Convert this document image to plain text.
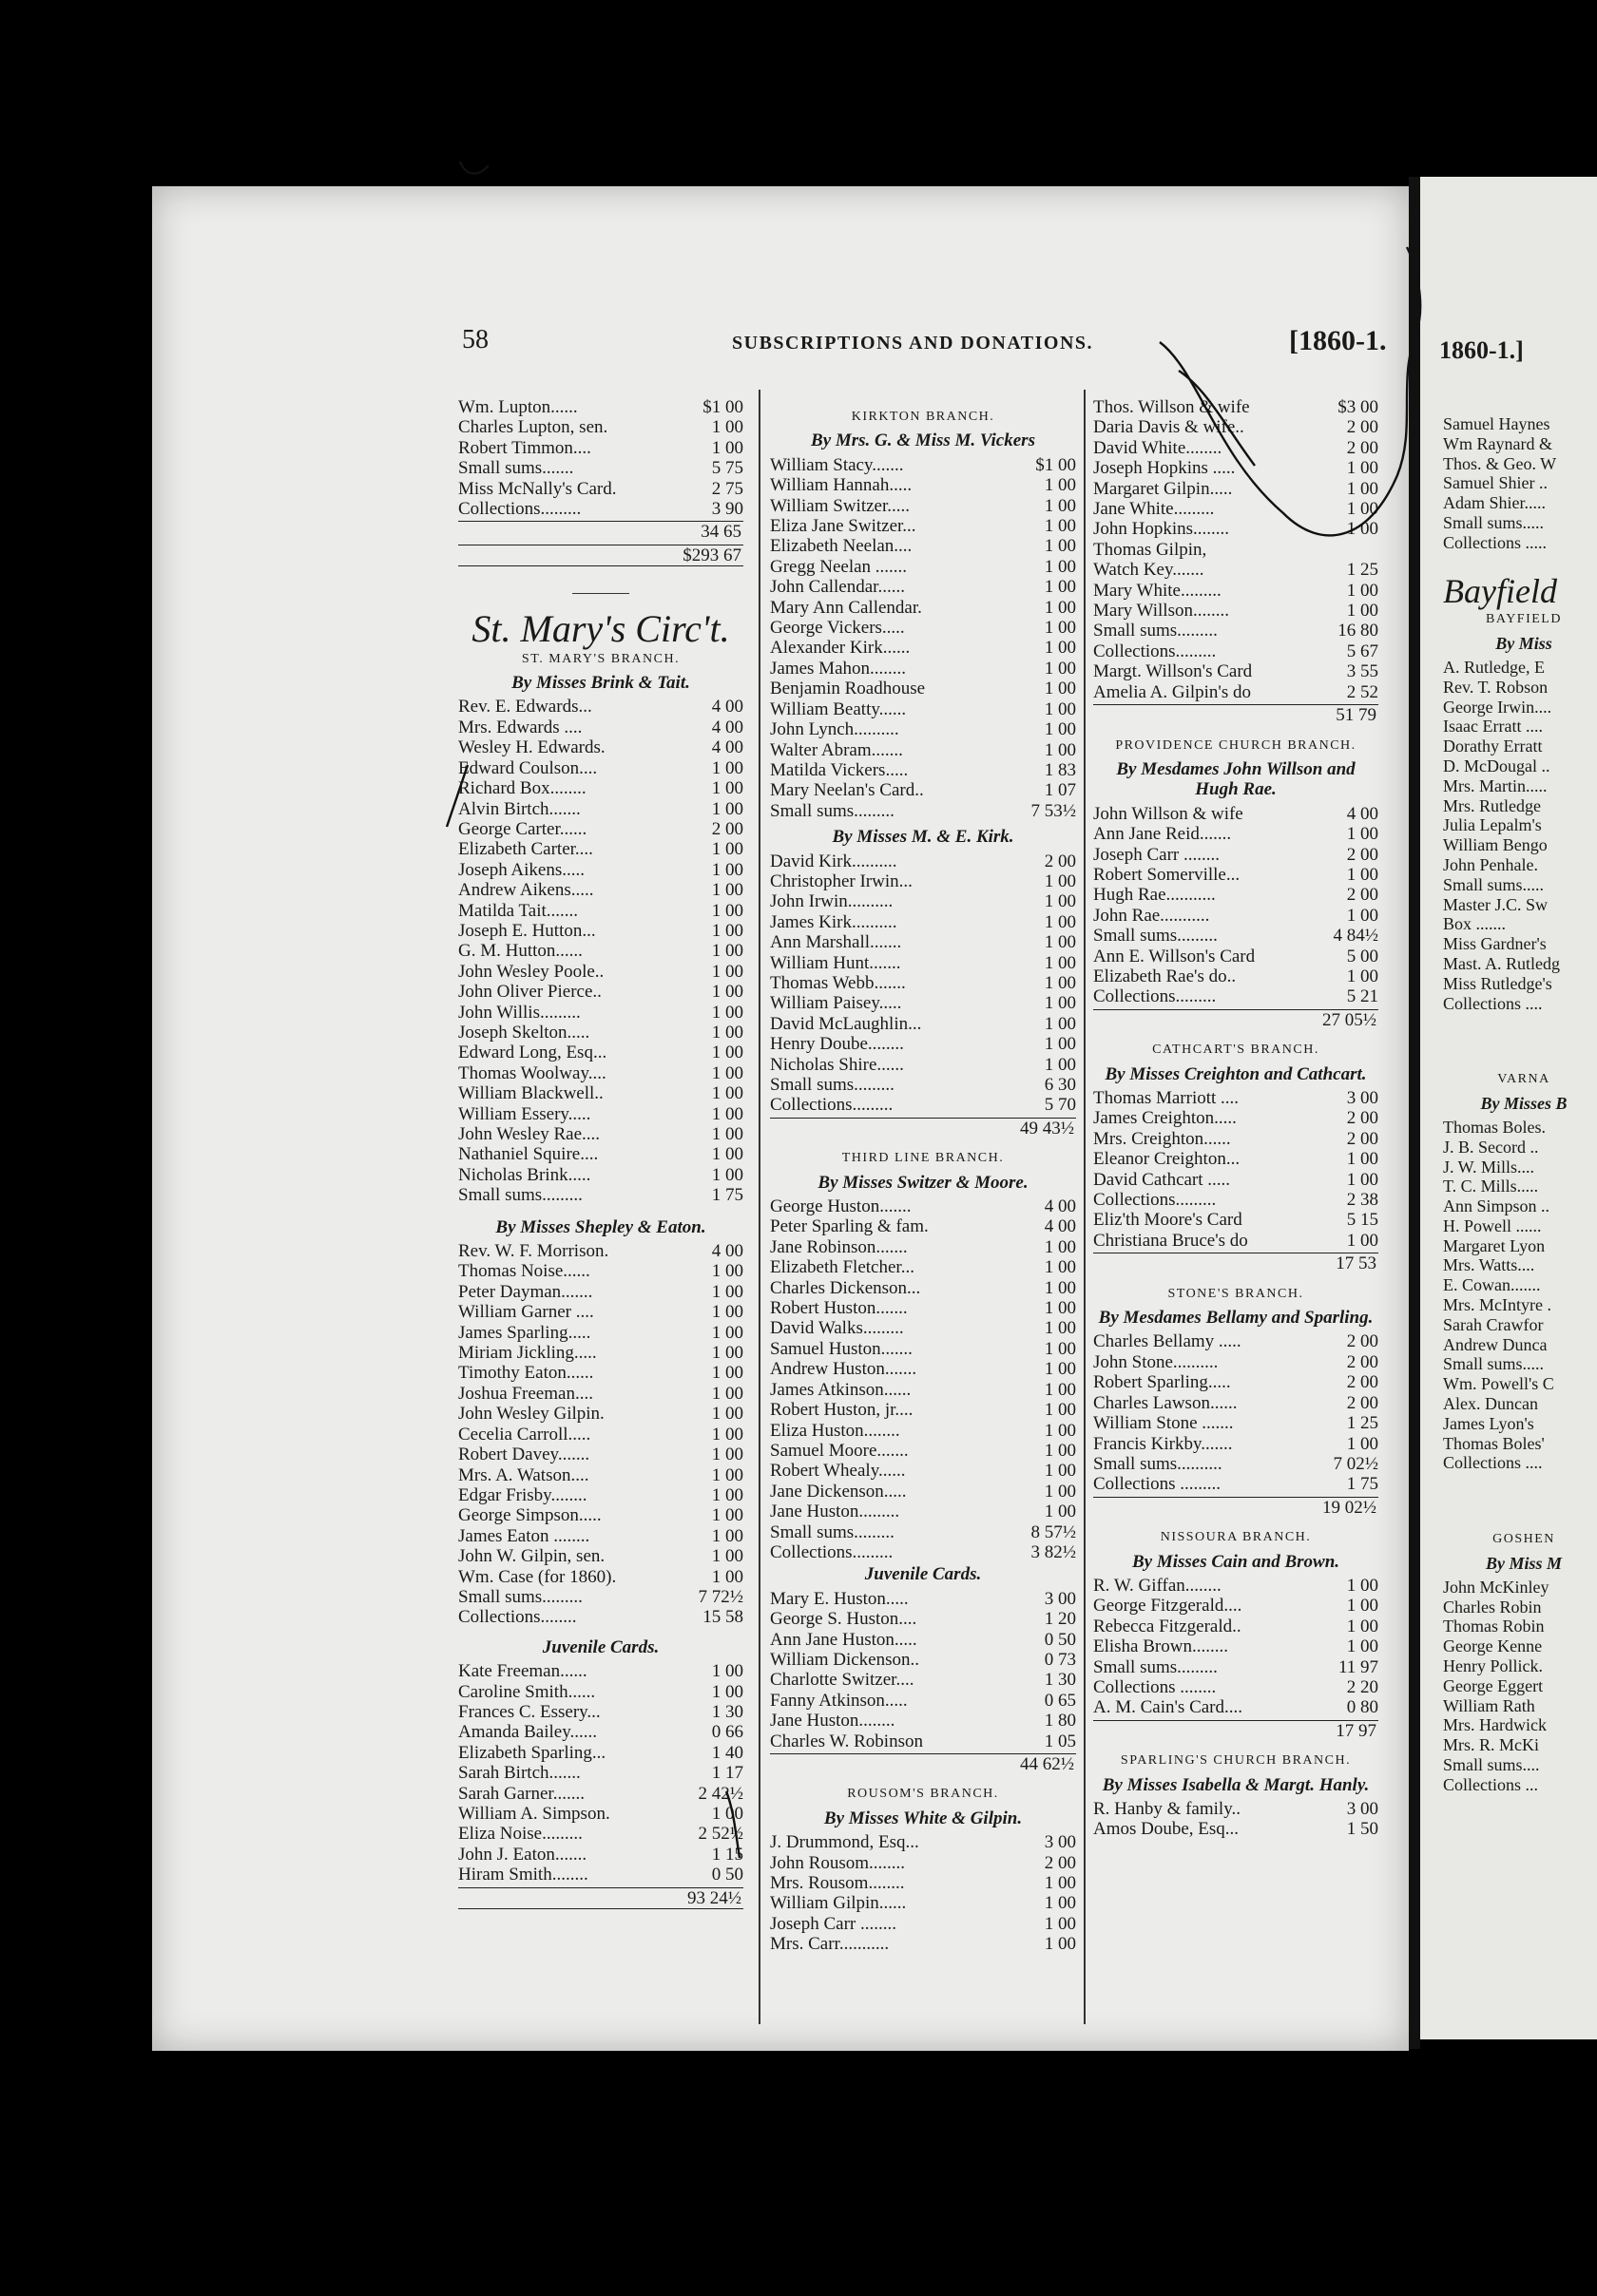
1860-1.]
Samuel Haynes
Wm Raynard &
Thos. & Geo. W
Samuel Shier ..
Adam Shier.....
Small sums.....
Collections .....
Bayfield
BAYFIELD
By Miss
A. Rutledge, E
Rev. T. Robson
George Irwin....
Isaac Erratt ....
Dorathy Erratt
D. McDougal ..
Mrs. Martin.....
Mrs. Rutledge
Julia Lepalm's
William Bengo
John Penhale.
Small sums.....
Master J.C. Sw
Box .......
Miss Gardner's
Mast. A. Rutledg
Miss Rutledge's
Collections ....
VARNA
By Misses B
Thomas Boles.
J. B. Secord ..
J. W. Mills....
T. C. Mills.....
Ann Simpson ..
H. Powell ......
Margaret Lyon
Mrs. Watts....
E. Cowan.......
Mrs. McIntyre .
Sarah Crawfor
Andrew Dunca
Small sums.....
Wm. Powell's C
Alex. Duncan
James Lyon's
Thomas Boles'
Collections ....
GOSHEN
By Miss M
John McKinley
Charles Robin
Thomas Robin
George Kenne
Henry Pollick.
George Eggert
William Rath
Mrs. Hardwick
Mrs. R. McKi
Small sums....
Collections ...
58	SUBSCRIPTIONS AND DONATIONS.	[1860-1.
Wm. Lupton......	$1 00
Charles Lupton, sen.	1 00
Robert Timmon....	1 00
Small sums.......	5 75
Miss McNally's Card.	2 75
Collections.........	3 90
34 65
$293 67
St. Mary's Circ't.
ST. MARY'S BRANCH.
By Misses Brink & Tait.
Rev. E. Edwards...	4 00
Mrs. Edwards ....	4 00
Wesley H. Edwards.	4 00
Edward Coulson....	1 00
Richard Box........	1 00
Alvin Birtch.......	1 00
George Carter......	2 00
Elizabeth Carter....	1 00
Joseph Aikens.....	1 00
Andrew Aikens.....	1 00
Matilda Tait.......	1 00
Joseph E. Hutton...	1 00
G. M. Hutton......	1 00
John Wesley Poole..	1 00
John Oliver Pierce..	1 00
John Willis.........	1 00
Joseph Skelton.....	1 00
Edward Long, Esq...	1 00
Thomas Woolway....	1 00
William Blackwell..	1 00
William Essery.....	1 00
John Wesley Rae....	1 00
Nathaniel Squire....	1 00
Nicholas Brink.....	1 00
Small sums.........	1 75
By Misses Shepley & Eaton.
Rev. W. F. Morrison.	4 00
Thomas Noise......	1 00
Peter Dayman.......	1 00
William Garner ....	1 00
James Sparling.....	1 00
Miriam Jickling.....	1 00
Timothy Eaton......	1 00
Joshua Freeman....	1 00
John Wesley Gilpin.	1 00
Cecelia Carroll.....	1 00
Robert Davey.......	1 00
Mrs. A. Watson....	1 00
Edgar Frisby........	1 00
George Simpson.....	1 00
James Eaton ........	1 00
John W. Gilpin, sen.	1 00
Wm. Case (for 1860).	1 00
Small sums.........	7 72½
Collections........	15 58
Juvenile Cards.
Kate Freeman......	1 00
Caroline Smith......	1 00
Frances C. Essery...	1 30
Amanda Bailey......	0 66
Elizabeth Sparling...	1 40
Sarah Birtch.......	1 17
Sarah Garner.......	2 42½
William A. Simpson.	1 00
Eliza Noise.........	2 52½
John J. Eaton.......	1 15
Hiram Smith........	0 50
93 24½
KIRKTON BRANCH.
By Mrs. G. & Miss M. Vickers
William Stacy.......	$1 00
William Hannah.....	1 00
William Switzer.....	1 00
Eliza Jane Switzer...	1 00
Elizabeth Neelan....	1 00
Gregg Neelan .......	1 00
John Callendar......	1 00
Mary Ann Callendar.	1 00
George Vickers.....	1 00
Alexander Kirk......	1 00
James Mahon........	1 00
Benjamin Roadhouse	1 00
William Beatty......	1 00
John Lynch..........	1 00
Walter Abram.......	1 00
Matilda Vickers.....	1 83
Mary Neelan's Card..	1 07
Small sums.........	7 53½
By Misses M. & E. Kirk.
David Kirk..........	2 00
Christopher Irwin...	1 00
John Irwin..........	1 00
James Kirk..........	1 00
Ann Marshall.......	1 00
William Hunt.......	1 00
Thomas Webb.......	1 00
William Paisey.....	1 00
David McLaughlin...	1 00
Henry Doube........	1 00
Nicholas Shire......	1 00
Small sums.........	6 30
Collections.........	5 70
49 43½
THIRD LINE BRANCH.
By Misses Switzer & Moore.
George Huston.......	4 00
Peter Sparling & fam.	4 00
Jane Robinson.......	1 00
Elizabeth Fletcher...	1 00
Charles Dickenson...	1 00
Robert Huston.......	1 00
David Walks.........	1 00
Samuel Huston.......	1 00
Andrew Huston.......	1 00
James Atkinson......	1 00
Robert Huston, jr....	1 00
Eliza Huston........	1 00
Samuel Moore.......	1 00
Robert Whealy......	1 00
Jane Dickenson.....	1 00
Jane Huston.........	1 00
Small sums.........	8 57½
Collections.........	3 82½
Juvenile Cards.
Mary E. Huston.....	3 00
George S. Huston....	1 20
Ann Jane Huston.....	0 50
William Dickenson..	0 73
Charlotte Switzer....	1 30
Fanny Atkinson.....	0 65
Jane Huston........	1 80
Charles W. Robinson	1 05
44 62½
ROUSOM'S BRANCH.
By Misses White & Gilpin.
J. Drummond, Esq...	3 00
John Rousom........	2 00
Mrs. Rousom........	1 00
William Gilpin......	1 00
Joseph Carr ........	1 00
Mrs. Carr...........	1 00
Thos. Willson & wife	$3 00
Daria Davis & wife..	2 00
David White........	2 00
Joseph Hopkins .....	1 00
Margaret Gilpin.....	1 00
Jane White.........	1 00
John Hopkins........	1 00
Thomas Gilpin,
Watch Key.......	1 25
Mary White.........	1 00
Mary Willson........	1 00
Small sums.........	16 80
Collections.........	5 67
Margt. Willson's Card	3 55
Amelia A. Gilpin's do	2 52
51 79
PROVIDENCE CHURCH BRANCH.
By Mesdames John Willson and Hugh Rae.
John Willson & wife	4 00
Ann Jane Reid.......	1 00
Joseph Carr ........	2 00
Robert Somerville...	1 00
Hugh Rae...........	2 00
John Rae...........	1 00
Small sums.........	4 84½
Ann E. Willson's Card	5 00
Elizabeth Rae's do..	1 00
Collections.........	5 21
27 05½
CATHCART'S BRANCH.
By Misses Creighton and Cathcart.
Thomas Marriott ....	3 00
James Creighton.....	2 00
Mrs. Creighton......	2 00
Eleanor Creighton...	1 00
David Cathcart .....	1 00
Collections.........	2 38
Eliz'th Moore's Card	5 15
Christiana Bruce's do	1 00
17 53
STONE'S BRANCH.
By Mesdames Bellamy and Sparling.
Charles Bellamy .....	2 00
John Stone..........	2 00
Robert Sparling.....	2 00
Charles Lawson......	2 00
William Stone .......	1 25
Francis Kirkby.......	1 00
Small sums..........	7 02½
Collections .........	1 75
19 02½
NISSOURA BRANCH.
By Misses Cain and Brown.
R. W. Giffan........	1 00
George Fitzgerald....	1 00
Rebecca Fitzgerald..	1 00
Elisha Brown........	1 00
Small sums.........	11 97
Collections ........	2 20
A. M. Cain's Card....	0 80
17 97
SPARLING'S CHURCH BRANCH.
By Misses Isabella & Margt. Hanly.
R. Hanby & family..	3 00
Amos Doube, Esq...	1 50
